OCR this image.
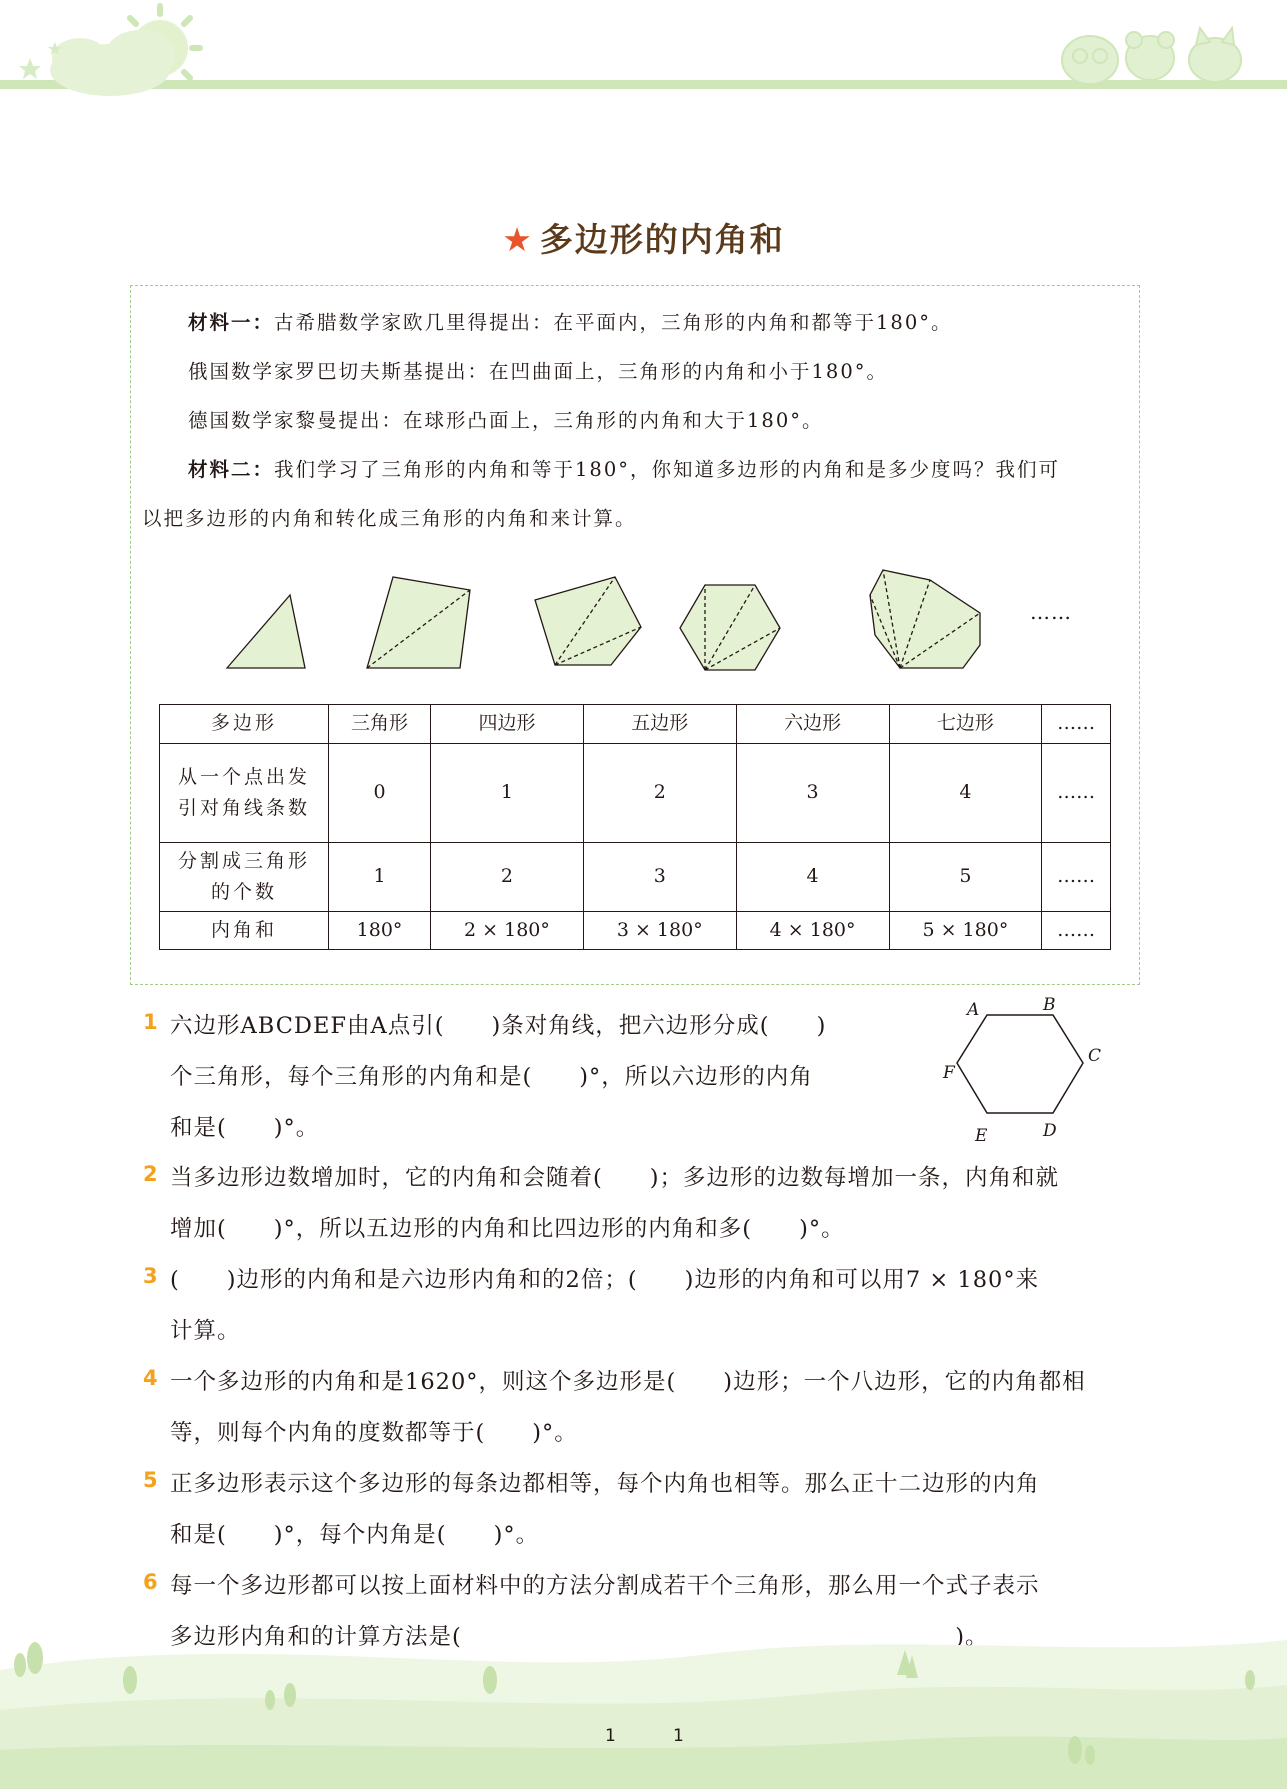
★ 多边形的内角和
材料一：古希腊数学家欧几里得提出：在平面内，三角形的内角和都等于180°。
俄国数学家罗巴切夫斯基提出：在凹曲面上，三角形的内角和小于180°。
德国数学家黎曼提出：在球形凸面上，三角形的内角和大于180°。
材料二：我们学习了三角形的内角和等于180°，你知道多边形的内角和是多少度吗？我们可
以把多边形的内角和转化成三角形的内角和来计算。
……
多边形	三角形	四边形	五边形	六边形	七边形	……

从一个点出发
引对角线条数	0	1	2	3	4	……

分割成三角形
的个数	1	2	3	4	5	……
内角和	180°	2 × 180°	3 × 180°	4 × 180°	5 × 180°	……
A	B
C
D
E
F
1 六边形ABCDEF由A点引(　　)条对角线，把六边形分成(　　)
个三角形，每个三角形的内角和是(　　)°，所以六边形的内角
和是(　　)°。
2 当多边形边数增加时，它的内角和会随着(　　)；多边形的边数每增加一条，内角和就
增加(　　)°，所以五边形的内角和比四边形的内角和多(　　)°。
3 (　　)边形的内角和是六边形内角和的2倍；(　　)边形的内角和可以用7 × 180°来
计算。
4 一个多边形的内角和是1620°，则这个多边形是(　　)边形；一个八边形，它的内角都相
等，则每个内角的度数都等于(　　)°。
5 正多边形表示这个多边形的每条边都相等，每个内角也相等。那么正十二边形的内角
和是(　　)°，每个内角是(　　)°。
6 每一个多边形都可以按上面材料中的方法分割成若干个三角形，那么用一个式子表示
多边形内角和的计算方法是(　　　　　　　　　　　　　　　　　　　　　)。
1	1
